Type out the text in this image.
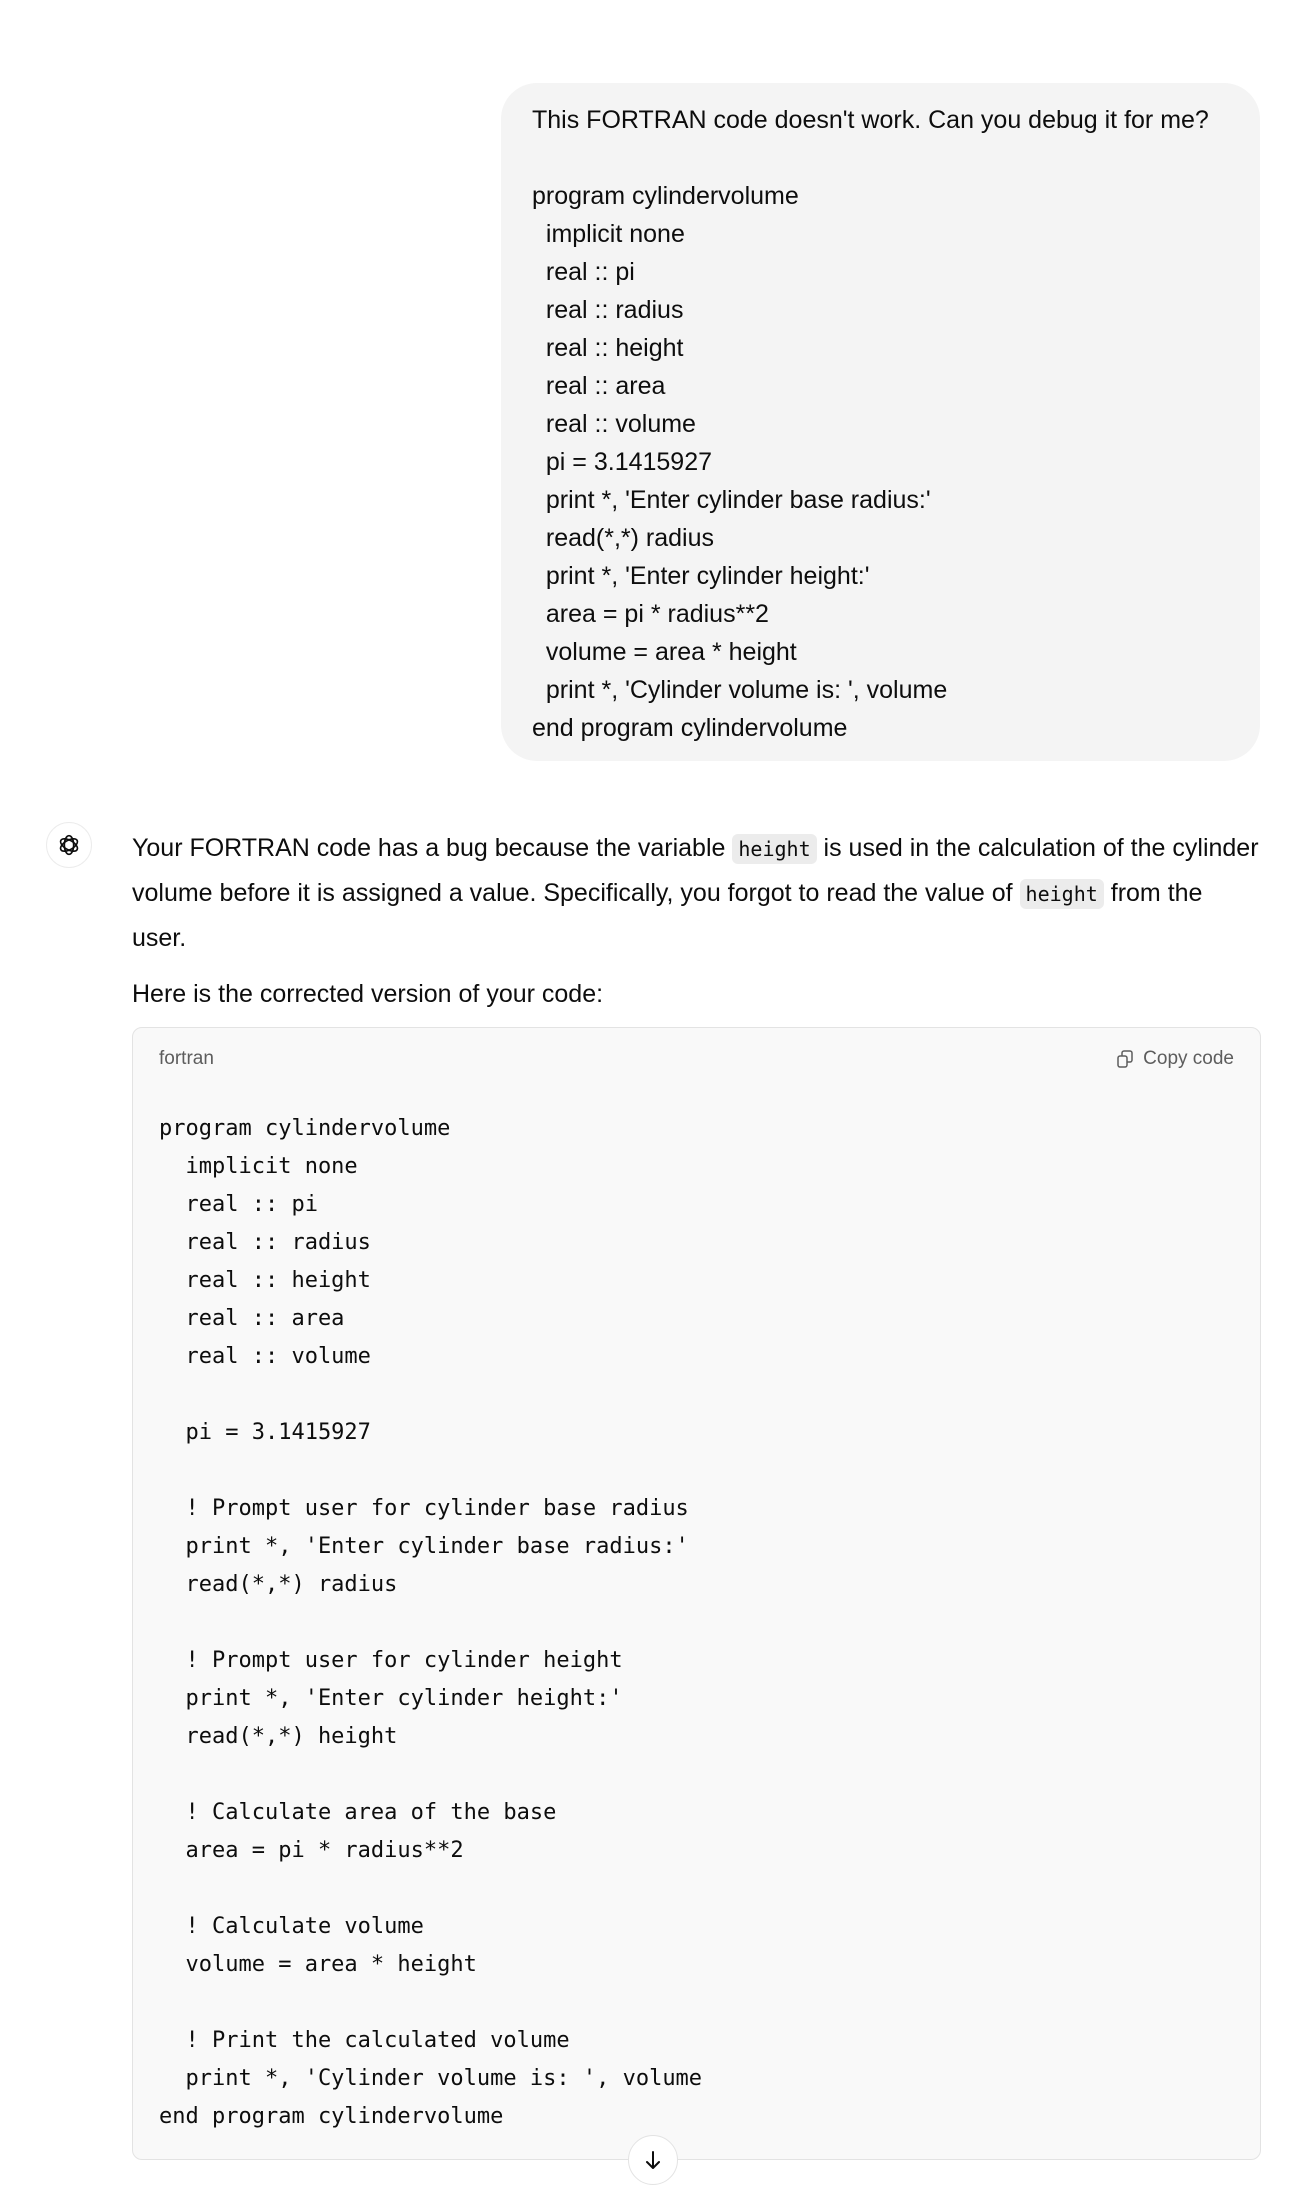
This FORTRAN code doesn't work. Can you debug it for me?
program cylindervolume
implicit none
real :: pi
real :: radius
real :: height
real :: area
real :: volume
pi = 3.1415927
print *, 'Enter cylinder base radius:'
read(*,*) radius
print *, 'Enter cylinder height:'
area = pi * radius**2
volume = area * height
print *, 'Cylinder volume is: ', volume
end program cylindervolume

Your FORTRAN code has a bug because the variable height is used in the calculation of the cylinder volume before it is assigned a value. Specifically, you forgot to read the value of height from the user.

Here is the corrected version of your code:

fortran	Copy code
program cylindervolume
implicit none
real :: pi
real :: radius
real :: height
real :: area
real :: volume
pi = 3.1415927
! Prompt user for cylinder base radius
print *, 'Enter cylinder base radius:'
read(*,*) radius
! Prompt user for cylinder height
print *, 'Enter cylinder height:'
read(*,*) height
! Calculate area of the base
area = pi * radius**2
! Calculate volume
volume = area * height
! Print the calculated volume
print *, 'Cylinder volume is: ', volume
end program cylindervolume
